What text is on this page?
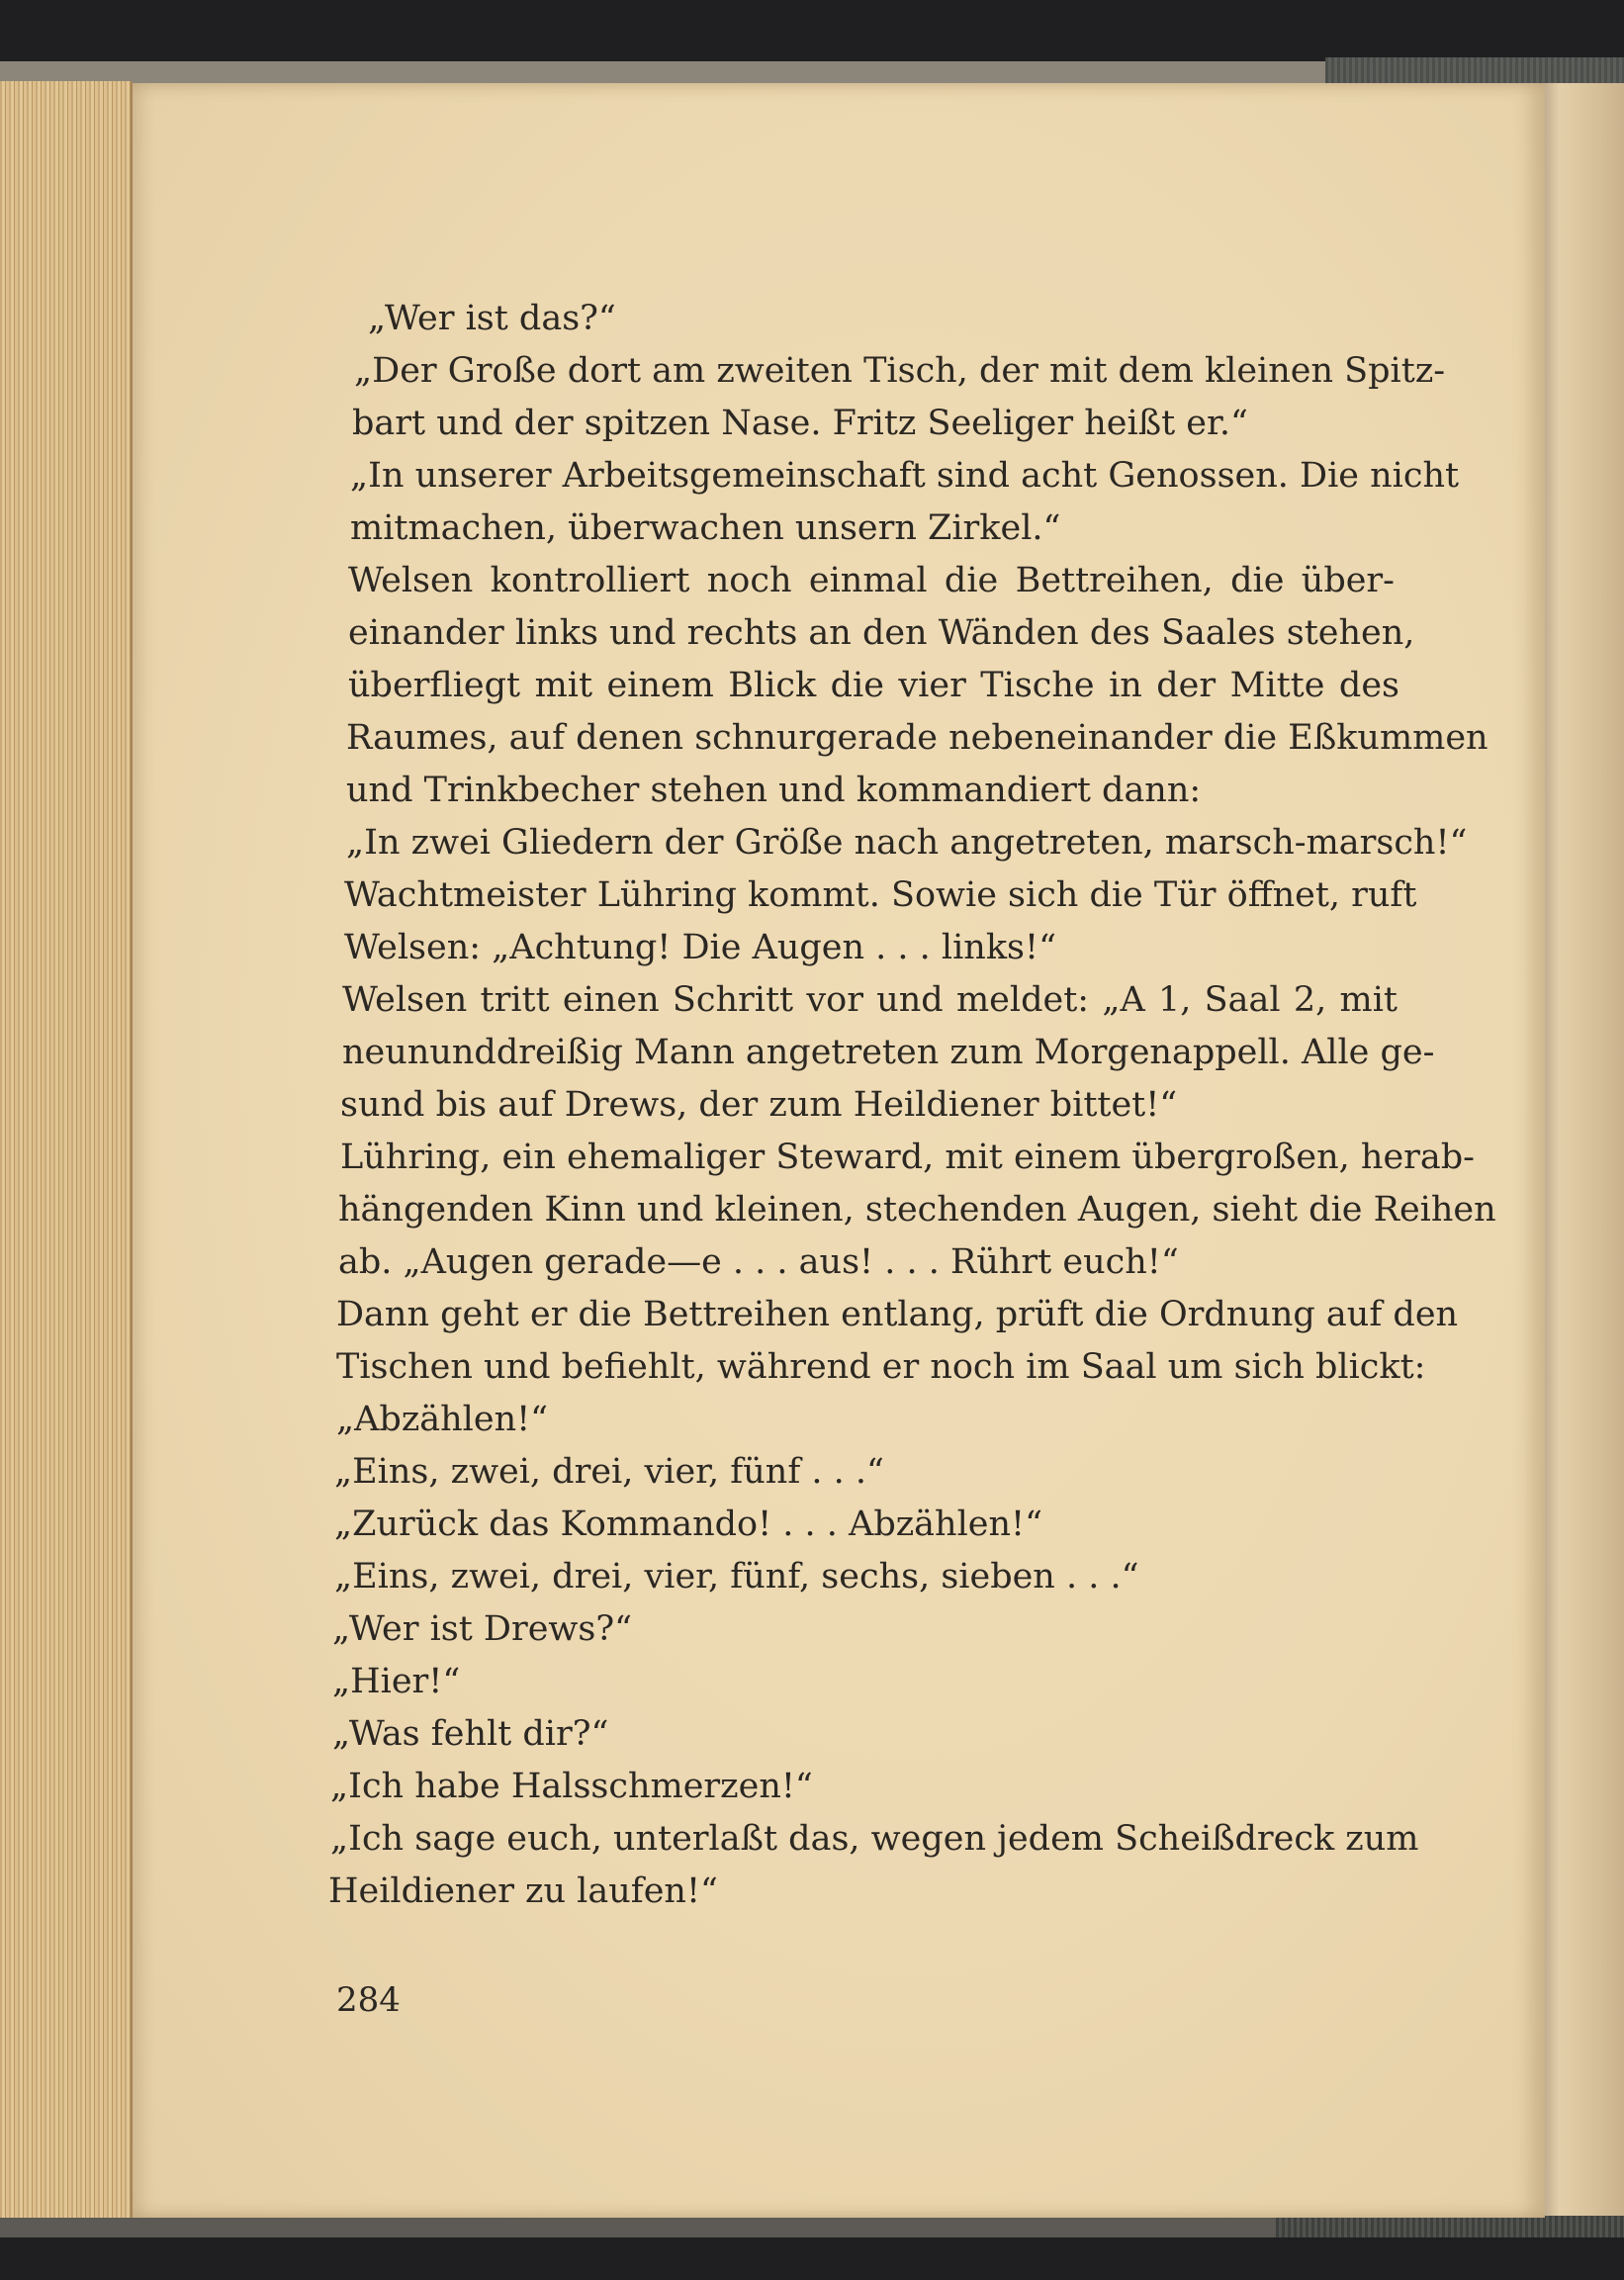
„Wer ist das?“
„Der Große dort am zweiten Tisch, der mit dem kleinen Spitz-
bart und der spitzen Nase. Fritz Seeliger heißt er.“
„In unserer Arbeitsgemeinschaft sind acht Genossen. Die nicht
mitmachen, überwachen unsern Zirkel.“
Welsen kontrolliert noch einmal die Bettreihen, die über-
einander links und rechts an den Wänden des Saales stehen,
überfliegt mit einem Blick die vier Tische in der Mitte des
Raumes, auf denen schnurgerade nebeneinander die Eßkummen
und Trinkbecher stehen und kommandiert dann:
„In zwei Gliedern der Größe nach angetreten, marsch-marsch!“
Wachtmeister Lühring kommt. Sowie sich die Tür öffnet, ruft
Welsen: „Achtung! Die Augen . . . links!“
Welsen tritt einen Schritt vor und meldet: „A 1, Saal 2, mit
neununddreißig Mann angetreten zum Morgenappell. Alle ge-
sund bis auf Drews, der zum Heildiener bittet!“
Lühring, ein ehemaliger Steward, mit einem übergroßen, herab-
hängenden Kinn und kleinen, stechenden Augen, sieht die Reihen
ab. „Augen gerade—e . . . aus! . . . Rührt euch!“
Dann geht er die Bettreihen entlang, prüft die Ordnung auf den
Tischen und befiehlt, während er noch im Saal um sich blickt:
„Abzählen!“
„Eins, zwei, drei, vier, fünf . . .“
„Zurück das Kommando! . . . Abzählen!“
„Eins, zwei, drei, vier, fünf, sechs, sieben . . .“
„Wer ist Drews?“
„Hier!“
„Was fehlt dir?“
„Ich habe Halsschmerzen!“
„Ich sage euch, unterlaßt das, wegen jedem Scheißdreck zum
Heildiener zu laufen!“
284
